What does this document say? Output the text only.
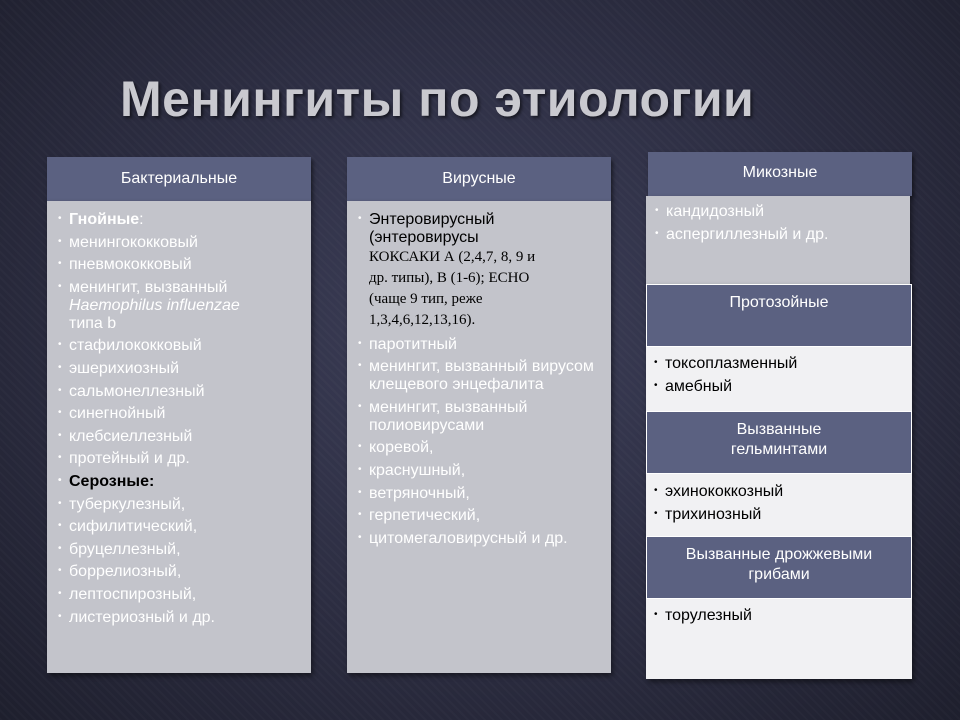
Менингиты по этиологии
Бактериальные
• Гнойные:
• менингококковый
• пневмококковый
• менингит, вызванный
Haemophilus influenzae
типа b
• стафилококковый
• эшерихиозный
• сальмонеллезный
• синегнойный
• клебсиеллезный
• протейный и др.
• Серозные:
• туберкулезный,
• сифилитический,
• бруцеллезный,
• боррелиозный,
• лептоспирозный,
• листериозный и др.
Вирусные
• Энтеровирусный
(энтеровирусы
КОКСАКИ А (2,4,7, 8, 9 и
др. типы), В (1-6); ЕСНО
(чаще 9 тип, реже
1,3,4,6,12,13,16).
• паротитный
• менингит, вызванный вирусом клещевого энцефалита
• менингит, вызванный полиовирусами
• коревой,
• краснушный,
• ветряночный,
• герпетический,
• цитомегаловирусный и др.
Микозные
• кандидозный
• аспергиллезный и др.
Протозойные
• токсоплазменный
• амебный
Вызванные гельминтами
• эхинококкозный
• трихинозный
Вызванные дрожжевыми грибами
• торулезный
